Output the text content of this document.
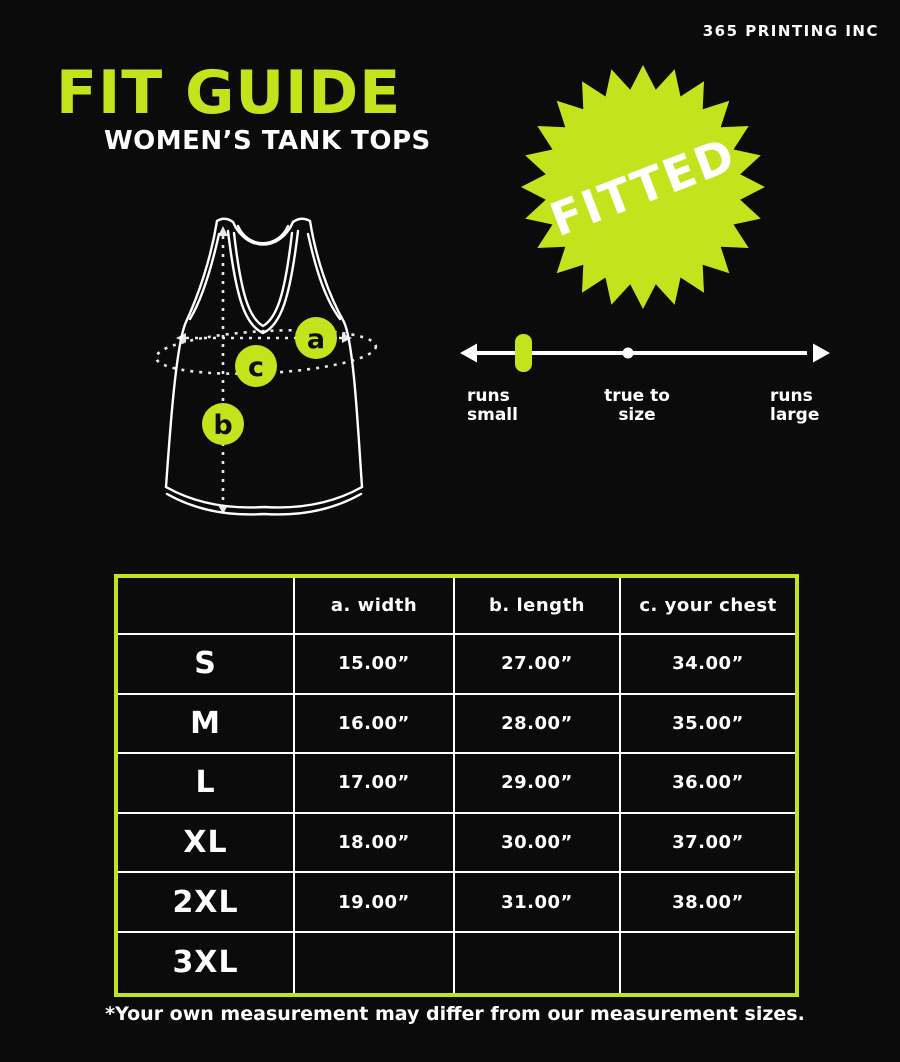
365 PRINTING INC
FIT GUIDE
WOMEN’S TANK TOPS FITTED
a
c
b
runs
small
true to
size
runs
large
a. width	b. length	c. your chest
S	15.00”	27.00”	34.00”
M	16.00”	28.00”	35.00”
L	17.00”	29.00”	36.00”
XL	18.00”	30.00”	37.00”
2XL	19.00”	31.00”	38.00”
3XL
*Your own measurement may differ from our measurement sizes.
